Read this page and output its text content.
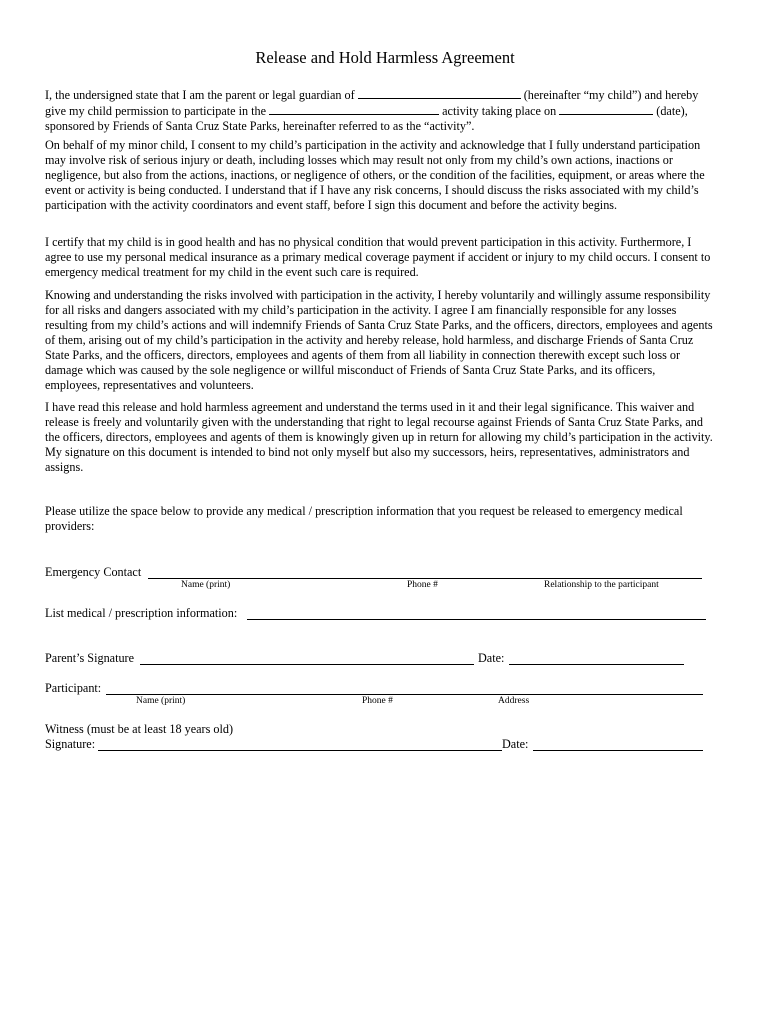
Release and Hold Harmless Agreement
I, the undersigned state that I am the parent or legal guardian of	(hereinafter “my child”) and hereby give my child permission to participate in the	activity taking place on	(date), sponsored by Friends of Santa Cruz State Parks, hereinafter referred to as the “activity”.
On behalf of my minor child, I consent to my child’s participation in the activity and acknowledge that I fully understand participation may involve risk of serious injury or death, including losses which may result not only from my child’s own actions, inactions or negligence, but also from the actions, inactions, or negligence of others, or the condition of the facilities, equipment, or areas where the event or activity is being conducted. I understand that if I have any risk concerns, I should discuss the risks associated with my child’s participation with the activity coordinators and event staff, before I sign this document and before the activity begins.
I certify that my child is in good health and has no physical condition that would prevent participation in this activity. Furthermore, I agree to use my personal medical insurance as a primary medical coverage payment if accident or injury to my child occurs. I consent to emergency medical treatment for my child in the event such care is required.
Knowing and understanding the risks involved with participation in the activity, I hereby voluntarily and willingly assume responsibility for all risks and dangers associated with my child’s participation in the activity. I agree I am financially responsible for any losses resulting from my child’s actions and will indemnify Friends of Santa Cruz State Parks, and the officers, directors, employees and agents of them, arising out of my child’s participation in the activity and hereby release, hold harmless, and discharge Friends of Santa Cruz State Parks, and the officers, directors, employees and agents of them from all liability in connection therewith except such loss or damage which was caused by the sole negligence or willful misconduct of Friends of Santa Cruz State Parks, and its officers, employees, representatives and volunteers.
I have read this release and hold harmless agreement and understand the terms used in it and their legal significance. This waiver and release is freely and voluntarily given with the understanding that right to legal recourse against Friends of Santa Cruz State Parks, and the officers, directors, employees and agents of them is knowingly given up in return for allowing my child’s participation in the activity. My signature on this document is intended to bind not only myself but also my successors, heirs, representatives, administrators and assigns.
Please utilize the space below to provide any medical / prescription information that you request be released to emergency medical providers:
Emergency Contact
Name (print)	Phone #	Relationship to the participant
List medical / prescription information:
Parent’s Signature	Date:
Participant:
Name (print)	Phone #	Address
Witness (must be at least 18 years old)
Signature:	Date:
